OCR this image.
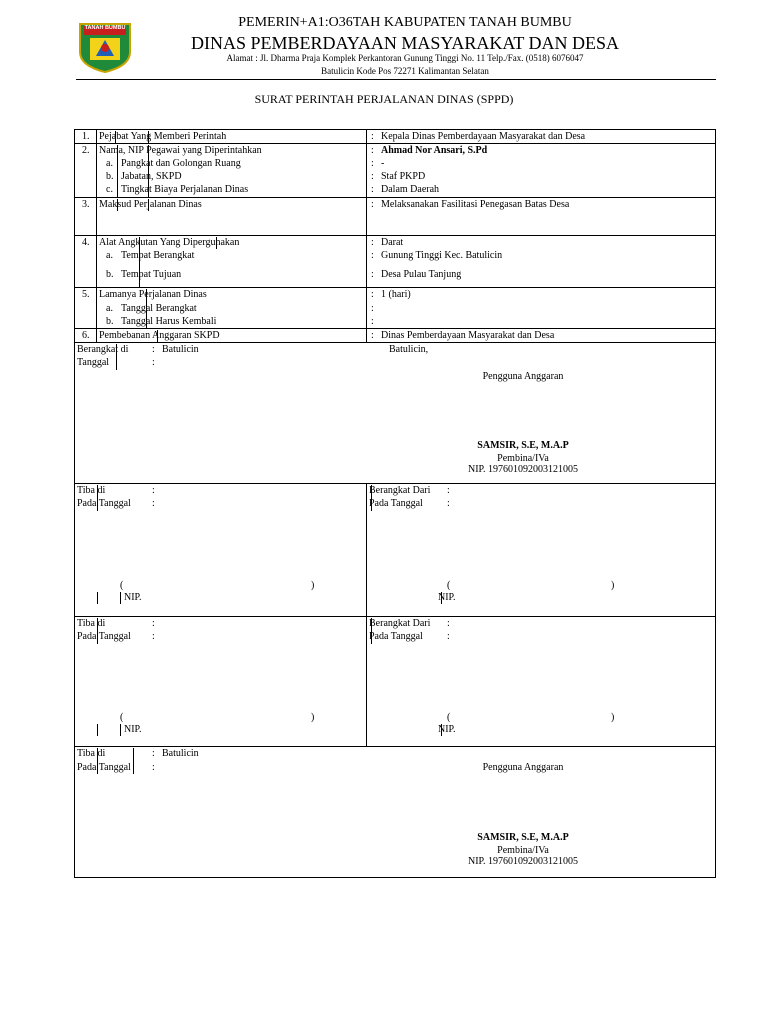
TANAH BUMBU	PEMERIN+A1:O36TAH KABUPATEN TANAH BUMBU
DINAS PEMBERDAYAAN MASYARAKAT DAN DESA
Alamat : Jl. Dharma Praja Komplek Perkantoran Gunung Tinggi No. 11 Telp./Fax. (0518) 6076047
Batulicin Kode Pos 72271 Kalimantan Selatan
SURAT PERINTAH PERJALANAN DINAS (SPPD)
1. Pejabat Yang Memberi Perintah	: Kepala Dinas Pemberdayaan Masyarakat dan Desa
2. Nama, NIP Pegawai yang Diperintahkan	: Ahmad Nor Ansari, S.Pd
a. Pangkat dan Golongan Ruang	: -
b. Jabatan, SKPD	: Staf PKPD
c. Tingkat Biaya Perjalanan Dinas	: Dalam Daerah
3. Maksud Perjalanan Dinas	: Melaksanakan Fasilitasi Penegasan Batas Desa
4. Alat Angkutan Yang Dipergunakan	: Darat
a. Tempat Berangkat	: Gunung Tinggi Kec. Batulicin
b. Tempat Tujuan	: Desa Pulau Tanjung
5. Lamanya Perjalanan Dinas	: 1 (hari)
a. Tanggal Berangkat	:
b. Tanggal Harus Kembali	:
6. Pembebanan Anggaran SKPD	: Dinas Pemberdayaan Masyarakat dan Desa
Berangkat di : Batulicin
Tanggal	:
Batulicin,
Pengguna Anggaran
SAMSIR, S.E, M.A.P
Pembina/IVa
NIP. 197601092003121005
Tiba di	:
Pada Tanggal :
Berangkat Dari :
Pada Tanggal :
(	)
NIP.
(	)
NIP.
Tiba di	:
Pada Tanggal :
Berangkat Dari :
Pada Tanggal :
(	)
NIP.
(	)
NIP.
Tiba di	: Batulicin
Pada Tanggal :	Pengguna Anggaran
SAMSIR, S.E, M.A.P
Pembina/IVa
NIP. 197601092003121005
